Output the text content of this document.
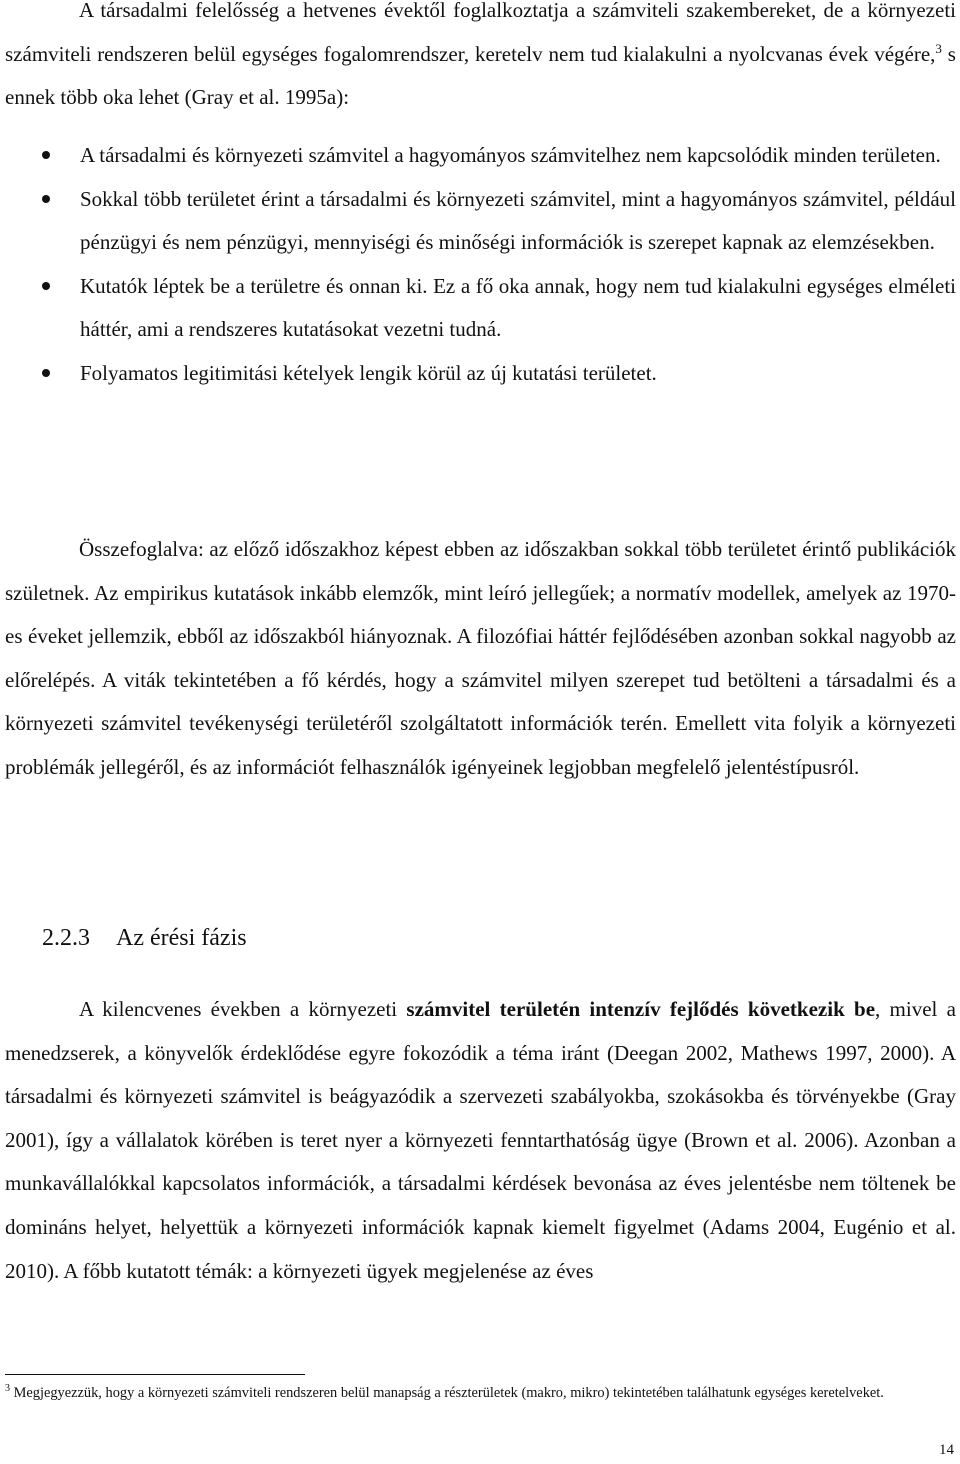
A társadalmi felelősség a hetvenes évektől foglalkoztatja a számviteli szakembereket, de a környezeti számviteli rendszeren belül egységes fogalomrendszer, keretelv nem tud kialakulni a nyolcvanas évek végére,$^3$ s ennek több oka lehet (Gray et al. 1995a):

A társadalmi és környezeti számvitel a hagyományos számvitelhez nem kapcsolódik minden területen.
Sokkal több területet érint a társadalmi és környezeti számvitel, mint a hagyományos számvitel, például pénzügyi és nem pénzügyi, mennyiségi és minőségi információk is szerepet kapnak az elemzésekben.
Kutatók léptek be a területre és onnan ki. Ez a fő oka annak, hogy nem tud kialakulni egységes elméleti háttér, ami a rendszeres kutatásokat vezetni tudná.
Folyamatos legitimitási kételyek lengik körül az új kutatási területet.

Összefoglalva: az előző időszakhoz képest ebben az időszakban sokkal több területet érintő publikációk születnek. Az empirikus kutatások inkább elemzők, mint leíró jellegűek; a normatív modellek, amelyek az 1970-es éveket jellemzik, ebből az időszakból hiányoznak. A filozófiai háttér fejlődésében azonban sokkal nagyobb az előrelépés. A viták tekintetében a fő kérdés, hogy a számvitel milyen szerepet tud betölteni a társadalmi és a környezeti számvitel tevékenységi területéről szolgáltatott információk terén. Emellett vita folyik a környezeti problémák jellegéről, és az információt felhasználók igényeinek legjobban megfelelő jelentéstípusról.

2.2.3 Az érési fázis

A kilencvenes években a környezeti számvitel területén intenzív fejlődés következik be, mivel a menedzserek, a könyvelők érdeklődése egyre fokozódik a téma iránt (Deegan 2002, Mathews 1997, 2000). A társadalmi és környezeti számvitel is beágyazódik a szervezeti szabályokba, szokásokba és törvényekbe (Gray 2001), így a vállalatok körében is teret nyer a környezeti fenntarthatóság ügye (Brown et al. 2006). Azonban a munkavállalókkal kapcsolatos információk, a társadalmi kérdések bevonása az éves jelentésbe nem töltenek be domináns helyet, helyettük a környezeti információk kapnak kiemelt figyelmet (Adams 2004, Eugénio et al. 2010). A főbb kutatott témák: a környezeti ügyek megjelenése az éves

$^3$ Megjegyezzük, hogy a környezeti számviteli rendszeren belül manapság a részterületek (makro, mikro) tekintetében találhatunk egységes keretelveket.

14
